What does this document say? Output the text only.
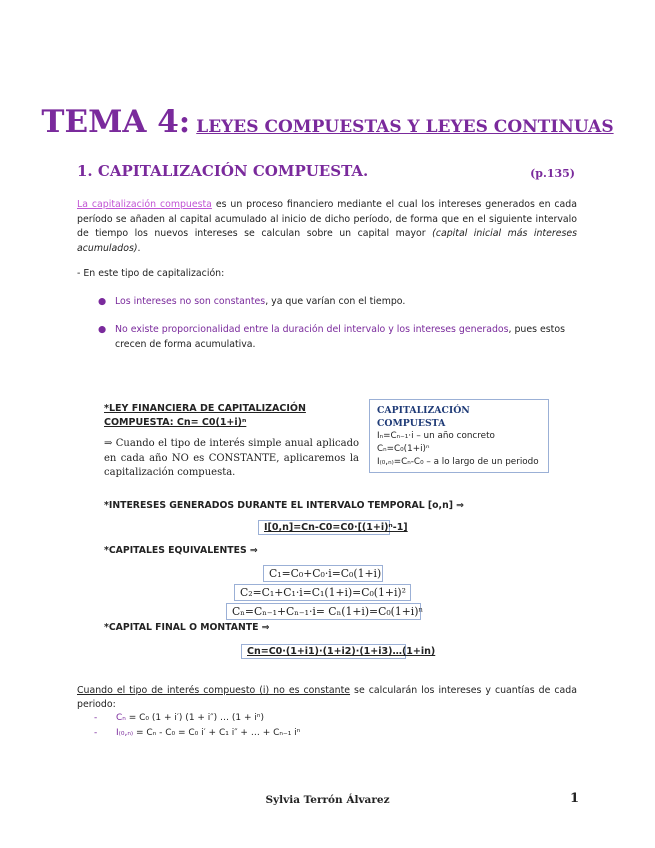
TEMA 4: LEYES COMPUESTAS Y LEYES CONTINUAS
1. CAPITALIZACIÓN COMPUESTA.	(p.135)
La capitalización compuesta es un proceso financiero mediante el cual los intereses generados en cada período se añaden al capital acumulado al inicio de dicho período, de forma que en el siguiente intervalo de tiempo los nuevos intereses se calculan sobre un capital mayor (capital inicial más intereses acumulados).
- En este tipo de capitalización:
● Los intereses no son constantes, ya que varían con el tiempo.
● No existe proporcionalidad entre la duración del intervalo y los intereses generados, pues estos crecen de forma acumulativa.
*LEY FINANCIERA DE CAPITALIZACIÓN
COMPUESTA: Cn= C0(1+i)ⁿ
⇒ Cuando el tipo de interés simple anual aplicado en cada año NO es CONSTANTE, aplicaremos la capitalización compuesta.
CAPITALIZACIÓN COMPUESTA
Iₙ=Cₙ₋₁·i – un año concreto
Cₙ=C₀(1+i)ⁿ
I₍₀,ₙ₎=Cₙ-C₀ – a lo largo de un periodo
*INTERESES GENERADOS DURANTE EL INTERVALO TEMPORAL [o,n] ⇒
I[0,n]=Cn-C0=C0·[(1+i)ⁿ-1]
*CAPITALES EQUIVALENTES ⇒
C₁=C₀+C₀·i=C₀(1+i)
C₂=C₁+C₁·i=C₁(1+i)=C₀(1+i)²
Cₙ=Cₙ₋₁+Cₙ₋₁·i= Cₙ(1+i)=C₀(1+i)ⁿ
*CAPITAL FINAL O MONTANTE ⇒
Cn=C0·(1+i1)·(1+i2)·(1+i3)…(1+in)
Cuando el tipo de interés compuesto (i) no es constante se calcularán los intereses y cuantías de cada periodo:
- Cₙ = C₀ (1 + i′) (1 + i″) … (1 + iⁿ)
- I₍₀,ₙ₎ = Cₙ - C₀ = C₀ i′ + C₁ i″ + … + Cₙ₋₁ iⁿ
Sylvia Terrón Álvarez	1
